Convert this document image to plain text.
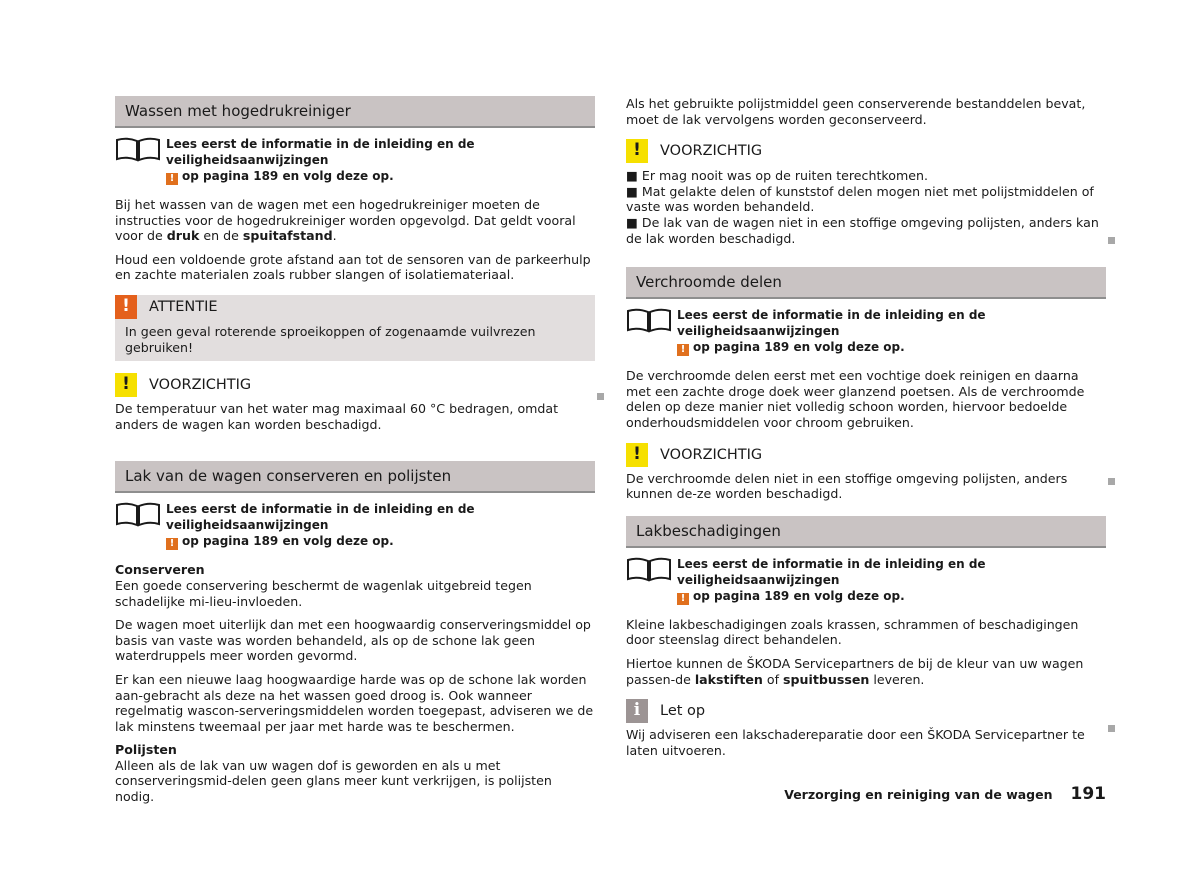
Wassen met hogedrukreiniger
Lees eerst de informatie in de inleiding en de veiligheidsaanwijzingen
! op pagina 189 en volg deze op.

Bij het wassen van de wagen met een hogedrukreiniger moeten de instructies voor de hogedrukreiniger worden opgevolgd. Dat geldt vooral voor de druk en de spuitafstand.

Houd een voldoende grote afstand aan tot de sensoren van de parkeerhulp en zachte materialen zoals rubber slangen of isolatiemateriaal.

!	ATTENTIE
In geen geval roterende sproeikoppen of zogenaamde vuilvrezen gebruiken!
!	VOORZICHTIG

De temperatuur van het water mag maximaal 60 °C bedragen, omdat anders de wagen kan worden beschadigd.

Lak van de wagen conserveren en polijsten
Lees eerst de informatie in de inleiding en de veiligheidsaanwijzingen
! op pagina 189 en volg deze op.
Conserveren

Een goede conservering beschermt de wagenlak uitgebreid tegen schadelijke mi-lieu-invloeden.

De wagen moet uiterlijk dan met een hoogwaardig conserveringsmiddel op basis van vaste was worden behandeld, als op de schone lak geen waterdruppels meer worden gevormd.

Er kan een nieuwe laag hoogwaardige harde was op de schone lak worden aan-gebracht als deze na het wassen goed droog is. Ook wanneer regelmatig wascon-serveringsmiddelen worden toegepast, adviseren we de lak minstens tweemaal per jaar met harde was te beschermen.

Polijsten

Alleen als de lak van uw wagen dof is geworden en als u met conserveringsmid-delen geen glans meer kunt verkrijgen, is polijsten nodig.

Als het gebruikte polijstmiddel geen conserverende bestanddelen bevat, moet de lak vervolgens worden geconserveerd.

!	VOORZICHTIG

■ Er mag nooit was op de ruiten terechtkomen.

■ Mat gelakte delen of kunststof delen mogen niet met polijstmiddelen of vaste was worden behandeld.

■ De lak van de wagen niet in een stoffige omgeving polijsten, anders kan de lak worden beschadigd.

Verchroomde delen
Lees eerst de informatie in de inleiding en de veiligheidsaanwijzingen
! op pagina 189 en volg deze op.

De verchroomde delen eerst met een vochtige doek reinigen en daarna met een zachte droge doek weer glanzend poetsen. Als de verchroomde delen op deze manier niet volledig schoon worden, hiervoor bedoelde onderhoudsmiddelen voor chroom gebruiken.

!	VOORZICHTIG

De verchroomde delen niet in een stoffige omgeving polijsten, anders kunnen de-ze worden beschadigd.

Lakbeschadigingen
Lees eerst de informatie in de inleiding en de veiligheidsaanwijzingen
! op pagina 189 en volg deze op.

Kleine lakbeschadigingen zoals krassen, schrammen of beschadigingen door steenslag direct behandelen.

Hiertoe kunnen de ŠKODA Servicepartners de bij de kleur van uw wagen passen-de lakstiften of spuitbussen leveren.

i	Let op

Wij adviseren een lakschadereparatie door een ŠKODA Servicepartner te laten uitvoeren.

Verzorging en reiniging van de wagen 191
